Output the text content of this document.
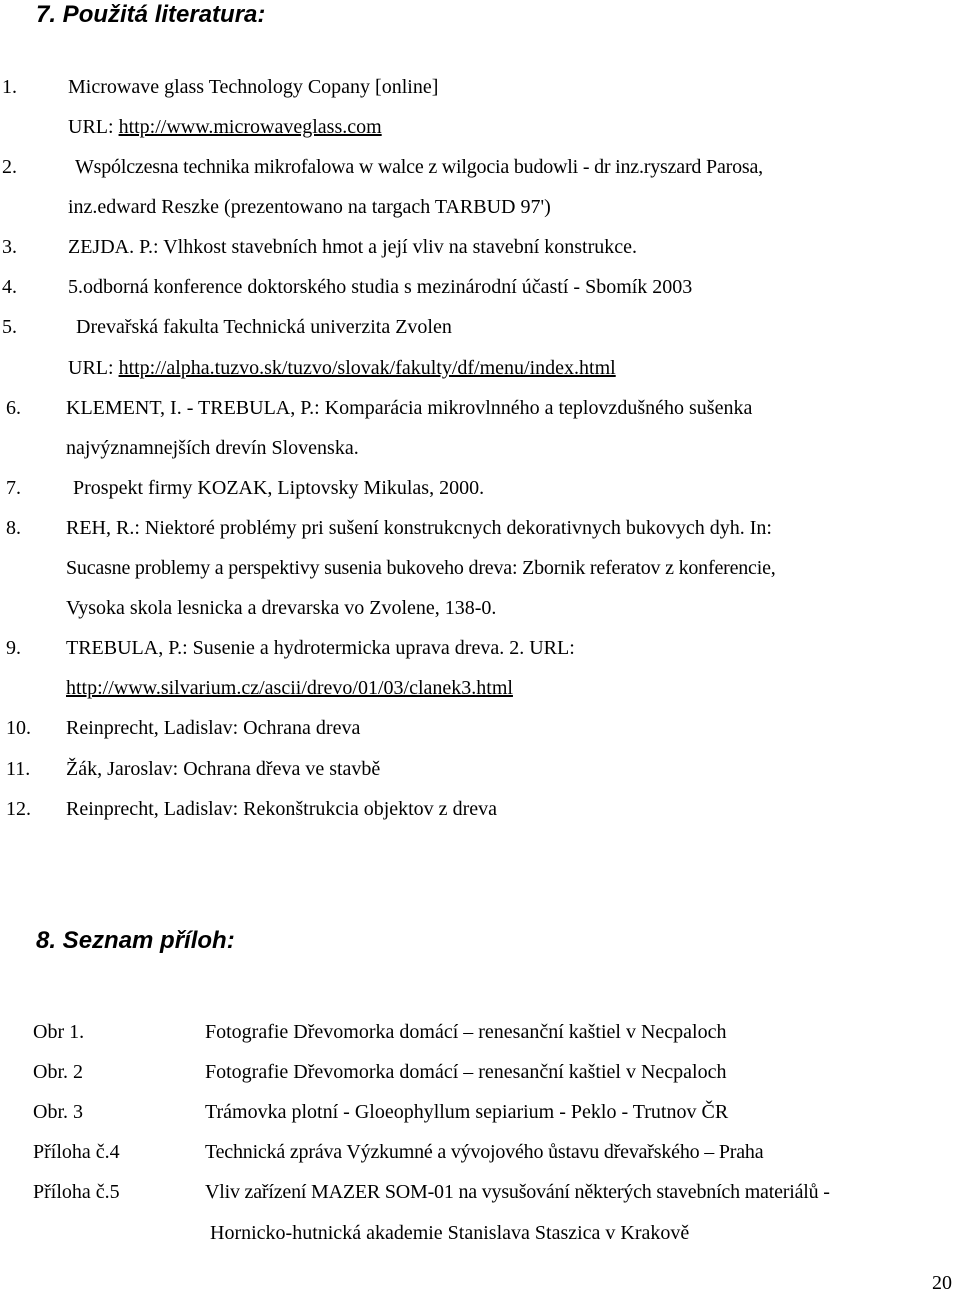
7. Použitá literatura:
1.	Microwave glass Technology Copany [online]
URL: http://www.microwaveglass.com
2.	Wspólczesna technika mikrofalowa w walce z wilgocia budowli - dr inz.ryszard Parosa,
inz.edward Reszke (prezentowano na targach TARBUD 97')
3.	ZEJDA. P.: Vlhkost stavebních hmot a její vliv na stavební konstrukce.
4.	5.odborná konference doktorského studia s mezinárodní účastí - Sbomík 2003
5.	Drevařská fakulta Technická univerzita Zvolen
URL: http://alpha.tuzvo.sk/tuzvo/slovak/fakulty/df/menu/index.html
6. KLEMENT, I. - TREBULA, P.: Komparácia mikrovlnného a teplovzdušného sušenka
najvýznamnejších drevín Slovenska.
7.	Prospekt firmy KOZAK, Liptovsky Mikulas, 2000.
8. REH, R.: Niektoré problémy pri sušení konstrukcnych dekorativnych bukovych dyh. In:
Sucasne problemy a perspektivy susenia bukoveho dreva: Zbornik referatov z konferencie,
Vysoka skola lesnicka a drevarska vo Zvolene, 138-0.
9. TREBULA, P.: Susenie a hydrotermicka uprava dreva. 2. URL:
http://www.silvarium.cz/ascii/drevo/01/03/clanek3.html
10. Reinprecht, Ladislav: Ochrana dreva
11. Žák, Jaroslav: Ochrana dřeva ve stavbě
12. Reinprecht, Ladislav: Rekonštrukcia objektov z dreva
8. Seznam příloh:
Obr 1.	Fotografie Dřevomorka domácí – renesanční kaštiel v Necpaloch
Obr. 2	Fotografie Dřevomorka domácí – renesanční kaštiel v Necpaloch
Obr. 3	Trámovka plotní - Gloeophyllum sepiarium - Peklo - Trutnov ČR
Příloha č.4	Technická zpráva Výzkumné a vývojového ůstavu dřevařského – Praha
Příloha č.5	Vliv zařízení MAZER SOM-01 na vysušování některých stavebních materiálů -
Hornicko-hutnická akademie Stanislava Staszica v Krakově
20
